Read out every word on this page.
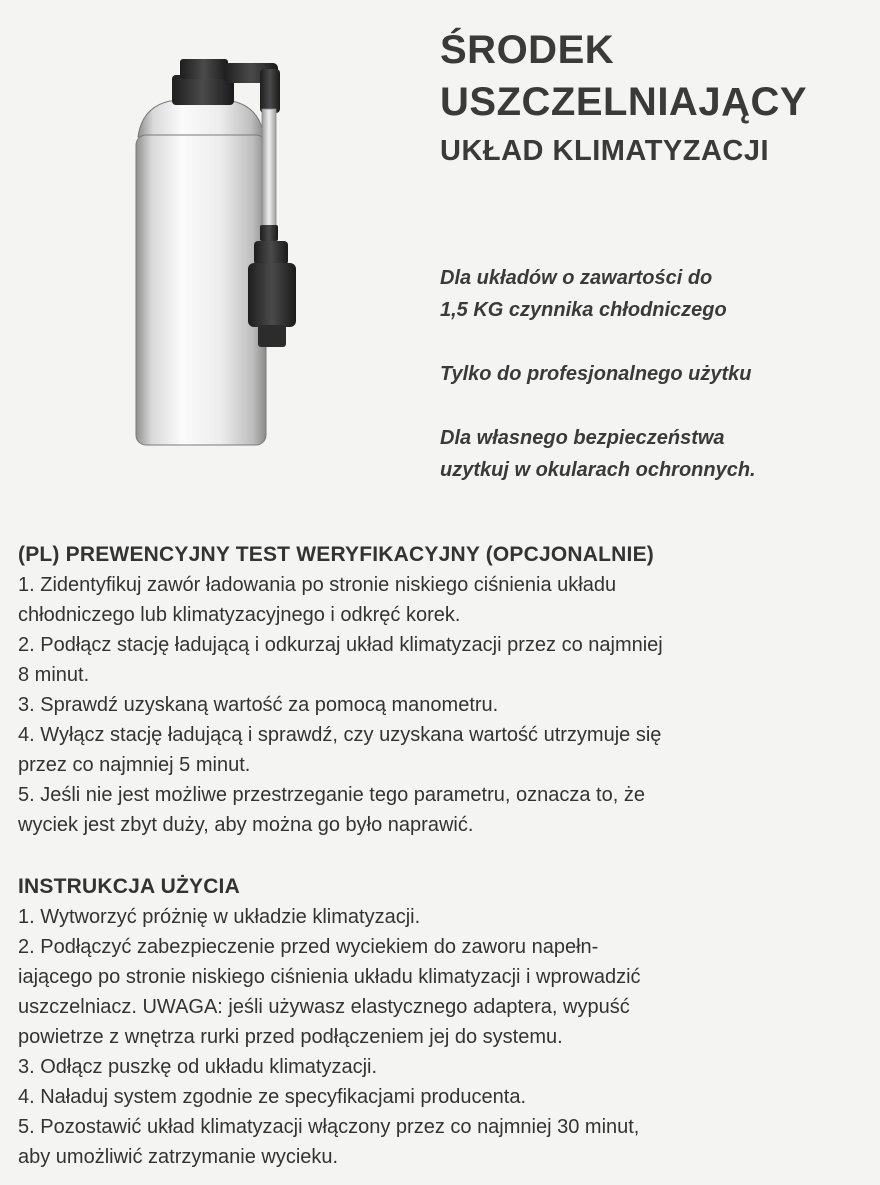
ŚRODEK
USZCZELNIAJĄCY
UKŁAD KLIMATYZACJI
Dla układów o zawartości do
1,5 KG czynnika chłodniczego
Tylko do profesjonalnego użytku
Dla własnego bezpieczeństwa
uzytkuj w okularach ochronnych.
(PL) PREWENCYJNY TEST WERYFIKACYJNY (OPCJONALNIE)
1. Zidentyfikuj zawór ładowania po stronie niskiego ciśnienia układu
chłodniczego lub klimatyzacyjnego i odkręć korek.
2. Podłącz stację ładującą i odkurzaj układ klimatyzacji przez co najmniej
8 minut.
3. Sprawdź uzyskaną wartość za pomocą manometru.
4. Wyłącz stację ładującą i sprawdź, czy uzyskana wartość utrzymuje się
przez co najmniej 5 minut.
5. Jeśli nie jest możliwe przestrzeganie tego parametru, oznacza to, że
wyciek jest zbyt duży, aby można go było naprawić.
INSTRUKCJA UŻYCIA
1. Wytworzyć próżnię w układzie klimatyzacji.
2. Podłączyć zabezpieczenie przed wyciekiem do zaworu napełn-
iającego po stronie niskiego ciśnienia układu klimatyzacji i wprowadzić
uszczelniacz. UWAGA: jeśli używasz elastycznego adaptera, wypuść
powietrze z wnętrza rurki przed podłączeniem jej do systemu.
3. Odłącz puszkę od układu klimatyzacji.
4. Naładuj system zgodnie ze specyfikacjami producenta.
5. Pozostawić układ klimatyzacji włączony przez co najmniej 30 minut,
aby umożliwić zatrzymanie wycieku.
